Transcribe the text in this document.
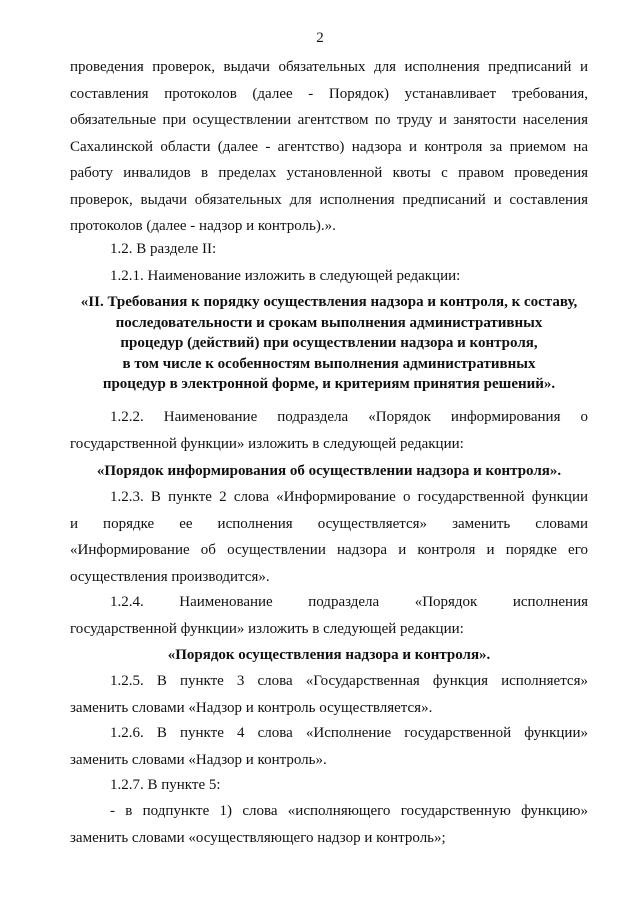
2
проведения проверок, выдачи обязательных для исполнения предписаний и
составления протоколов (далее - Порядок) устанавливает требования,
обязательные при осуществлении агентством по труду и занятости населения
Сахалинской области (далее - агентство) надзора и контроля за приемом на
работу инвалидов в пределах установленной квоты с правом проведения
проверок, выдачи обязательных для исполнения предписаний и составления
протоколов (далее - надзор и контроль).».
1.2. В разделе II:
1.2.1. Наименование изложить в следующей редакции:
«II. Требования к порядку осуществления надзора и контроля, к составу,
последовательности и срокам выполнения административных
процедур (действий) при осуществлении надзора и контроля,
в том числе к особенностям выполнения административных
процедур в электронной форме, и критериям принятия решений».
1.2.2. Наименование подраздела «Порядок информирования о
государственной функции» изложить в следующей редакции:
«Порядок информирования об осуществлении надзора и контроля».
1.2.3. В пункте 2 слова «Информирование о государственной функции
и порядке ее исполнения осуществляется» заменить словами
«Информирование об осуществлении надзора и контроля и порядке его
осуществления производится».
1.2.4. Наименование подраздела «Порядок исполнения
государственной функции» изложить в следующей редакции:
«Порядок осуществления надзора и контроля».
1.2.5. В пункте 3 слова «Государственная функция исполняется»
заменить словами «Надзор и контроль осуществляется».
1.2.6. В пункте 4 слова «Исполнение государственной функции»
заменить словами «Надзор и контроль».
1.2.7. В пункте 5:
- в подпункте 1) слова «исполняющего государственную функцию»
заменить словами «осуществляющего надзор и контроль»;
